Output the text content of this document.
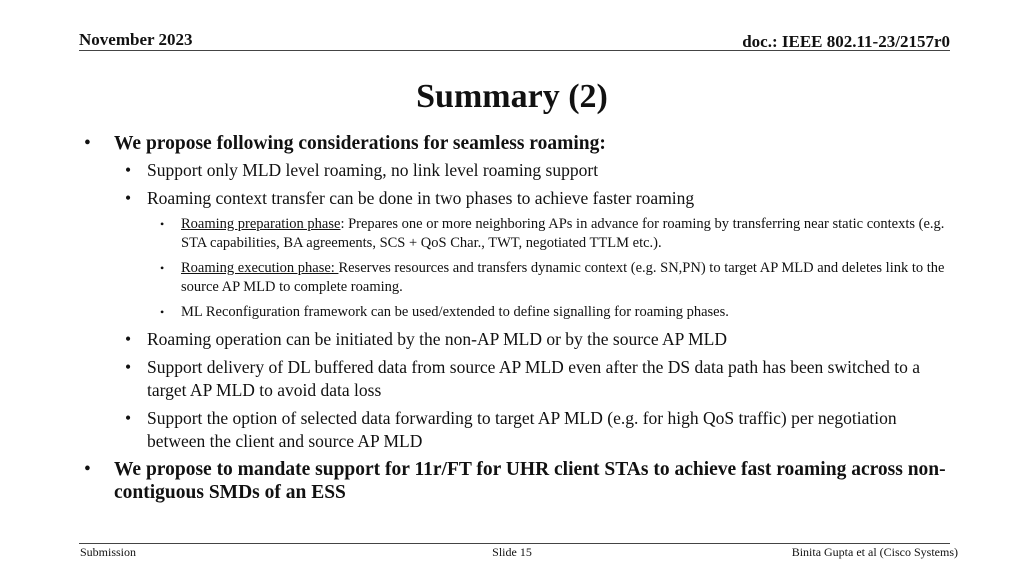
November 2023	doc.: IEEE 802.11-23/2157r0
Summary (2)
• We propose following considerations for seamless roaming:
• Support only MLD level roaming, no link level roaming support
• Roaming context transfer can be done in two phases to achieve faster roaming
• Roaming preparation phase: Prepares one or more neighboring APs in advance for roaming by transferring near static contexts (e.g. STA capabilities, BA agreements, SCS + QoS Char., TWT, negotiated TTLM etc.).
• Roaming execution phase: Reserves resources and transfers dynamic context (e.g. SN,PN) to target AP MLD and deletes link to the source AP MLD to complete roaming.
• ML Reconfiguration framework can be used/extended to define signalling for roaming phases.
• Roaming operation can be initiated by the non-AP MLD or by the source AP MLD
• Support delivery of DL buffered data from source AP MLD even after the DS data path has been switched to a target AP MLD to avoid data loss
• Support the option of selected data forwarding to target AP MLD (e.g. for high QoS traffic) per negotiation between the client and source AP MLD
• We propose to mandate support for 11r/FT for UHR client STAs to achieve fast roaming across non-contiguous SMDs of an ESS
Submission	Slide 15	Binita Gupta et al (Cisco Systems)
